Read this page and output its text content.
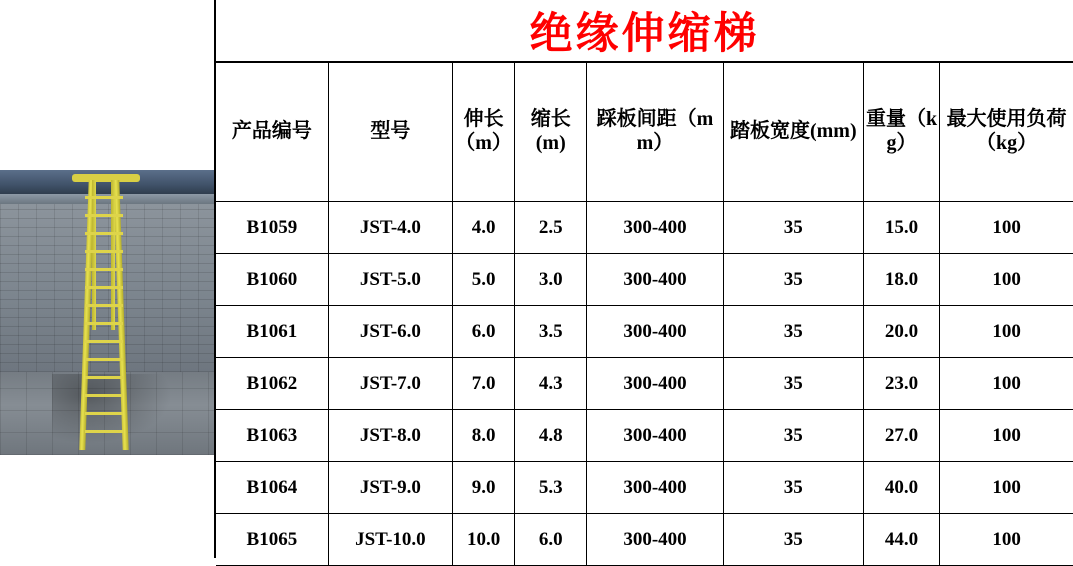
绝缘伸缩梯
产品编号	型号	伸长（m）	缩长(m)	踩板间距（mm）	踏板宽度(mm)	重量（kg）	最大使用负荷（kg）
B1059	JST-4.0	4.0	2.5	300-400	35	15.0	100
B1060	JST-5.0	5.0	3.0	300-400	35	18.0	100
B1061	JST-6.0	6.0	3.5	300-400	35	20.0	100
B1062	JST-7.0	7.0	4.3	300-400	35	23.0	100
B1063	JST-8.0	8.0	4.8	300-400	35	27.0	100
B1064	JST-9.0	9.0	5.3	300-400	35	40.0	100
B1065	JST-10.0	10.0	6.0	300-400	35	44.0	100
